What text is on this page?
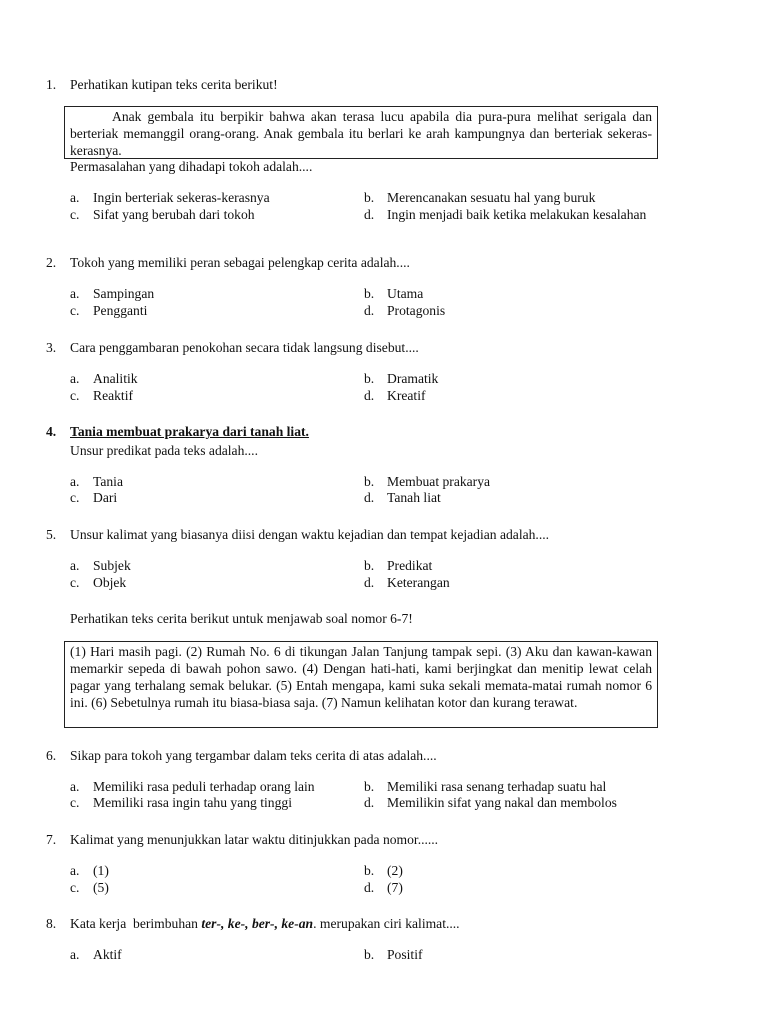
1. Perhatikan kutipan teks cerita berikut!
Anak gembala itu berpikir bahwa akan terasa lucu apabila dia pura-pura melihat serigala dan berteriak memanggil orang-orang. Anak gembala itu berlari ke arah kampungnya dan berteriak sekeras-kerasnya.
Permasalahan yang dihadapi tokoh adalah....
a. Ingin berteriak sekeras-kerasnya	b. Merencanakan sesuatu hal yang buruk
c. Sifat yang berubah dari tokoh	d. Ingin menjadi baik ketika melakukan kesalahan
2. Tokoh yang memiliki peran sebagai pelengkap cerita adalah....
a. Sampingan	b. Utama
c. Pengganti	d. Protagonis
3. Cara penggambaran penokohan secara tidak langsung disebut....
a. Analitik	b. Dramatik
c. Reaktif	d. Kreatif
4. Tania membuat prakarya dari tanah liat.
Unsur predikat pada teks adalah....
a. Tania	b. Membuat prakarya
c. Dari	d. Tanah liat
5. Unsur kalimat yang biasanya diisi dengan waktu kejadian dan tempat kejadian adalah....
a. Subjek	b. Predikat
c. Objek	d. Keterangan
Perhatikan teks cerita berikut untuk menjawab soal nomor 6-7!
(1) Hari masih pagi. (2) Rumah No. 6 di tikungan Jalan Tanjung tampak sepi. (3) Aku dan kawan-kawan memarkir sepeda di bawah pohon sawo. (4) Dengan hati-hati, kami berjingkat dan menitip lewat celah pagar yang terhalang semak belukar. (5) Entah mengapa, kami suka sekali memata-matai rumah nomor 6 ini. (6) Sebetulnya rumah itu biasa-biasa saja. (7) Namun kelihatan kotor dan kurang terawat.
6. Sikap para tokoh yang tergambar dalam teks cerita di atas adalah....
a. Memiliki rasa peduli terhadap orang lain	b. Memiliki rasa senang terhadap suatu hal
c. Memiliki rasa ingin tahu yang tinggi	d. Memilikin sifat yang nakal dan membolos
7. Kalimat yang menunjukkan latar waktu ditinjukkan pada nomor......
a. (1)	b. (2)
c. (5)	d. (7)
8. Kata kerja  berimbuhan ter-, ke-, ber-, ke-an. merupakan ciri kalimat....
a. Aktif	b. Positif
